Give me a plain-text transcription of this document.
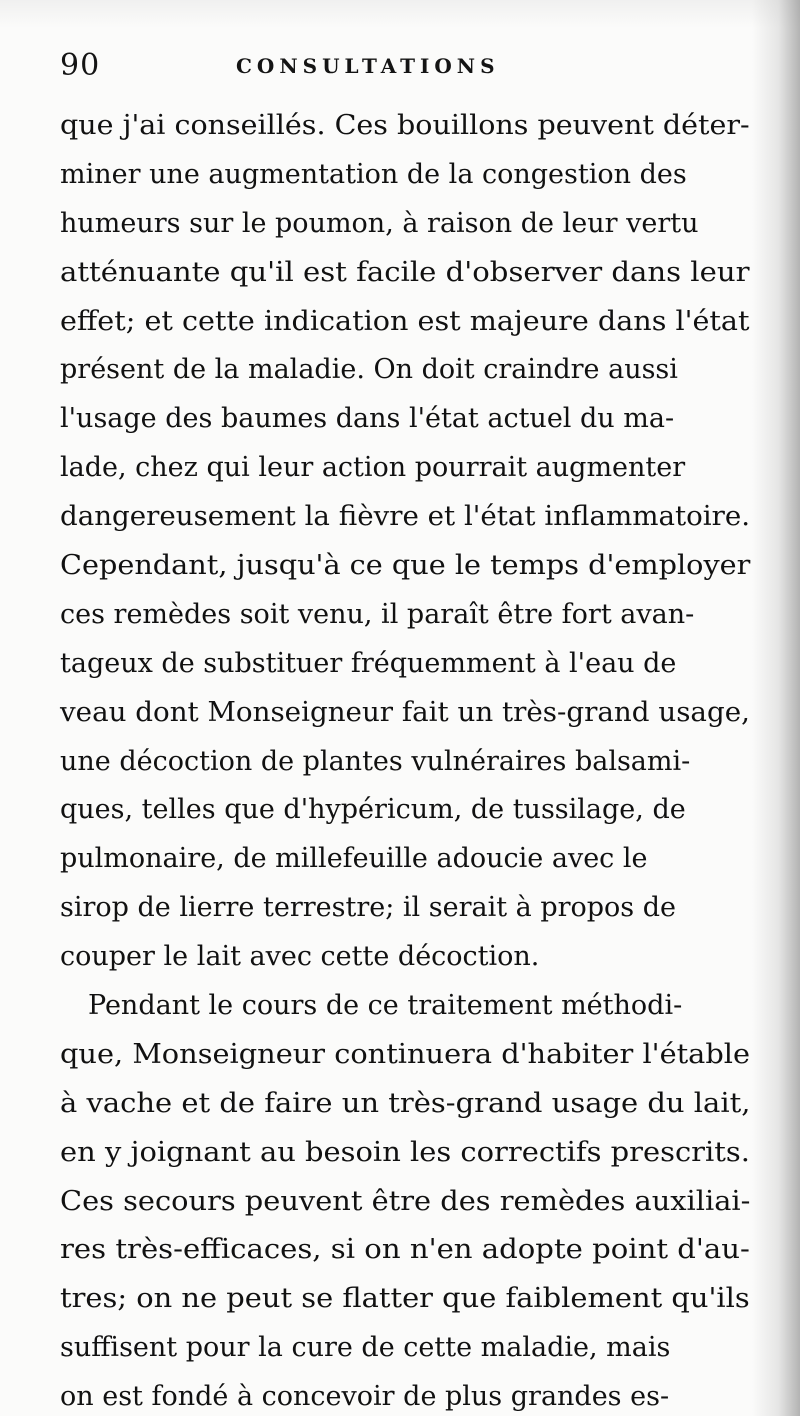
90	CONSULTATIONS
que j'ai conseillés. Ces bouillons peuvent déter-
miner une augmentation de la congestion des
humeurs sur le poumon, à raison de leur vertu
atténuante qu'il est facile d'observer dans leur
effet; et cette indication est majeure dans l'état
présent de la maladie. On doit craindre aussi
l'usage des baumes dans l'état actuel du ma-
lade, chez qui leur action pourrait augmenter
dangereusement la fièvre et l'état inflammatoire.
Cependant, jusqu'à ce que le temps d'employer
ces remèdes soit venu, il paraît être fort avan-
tageux de substituer fréquemment à l'eau de
veau dont Monseigneur fait un très-grand usage,
une décoction de plantes vulnéraires balsami-
ques, telles que d'hypéricum, de tussilage, de
pulmonaire, de millefeuille adoucie avec le
sirop de lierre terrestre; il serait à propos de
couper le lait avec cette décoction.
Pendant le cours de ce traitement méthodi-
que, Monseigneur continuera d'habiter l'étable
à vache et de faire un très-grand usage du lait,
en y joignant au besoin les correctifs prescrits.
Ces secours peuvent être des remèdes auxiliai-
res très-efficaces, si on n'en adopte point d'au-
tres; on ne peut se flatter que faiblement qu'ils
suffisent pour la cure de cette maladie, mais
on est fondé à concevoir de plus grandes es-
